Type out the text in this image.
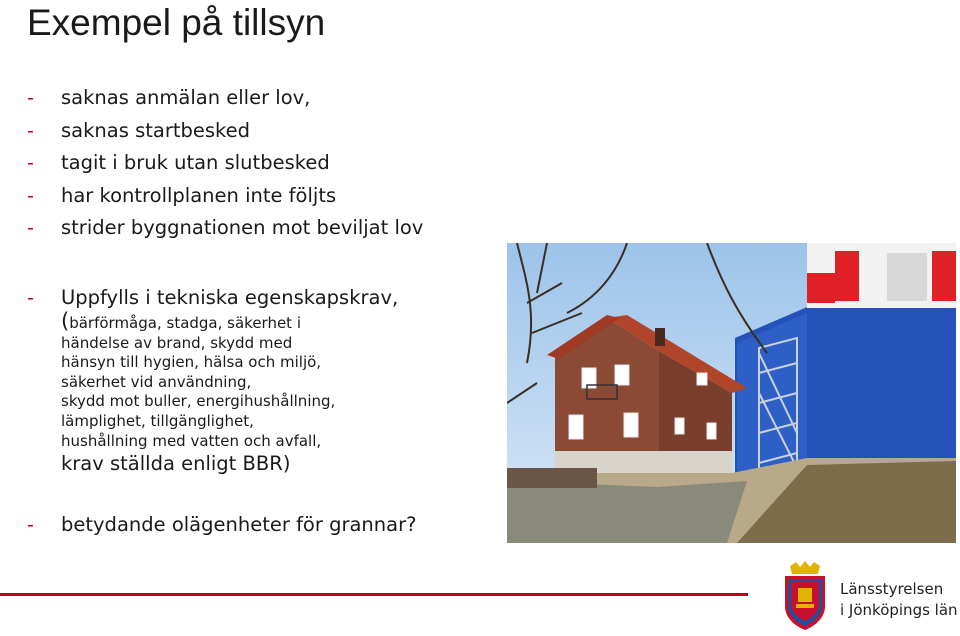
Exempel på tillsyn
- saknas anmälan eller lov,
- saknas startbesked
- tagit i bruk utan slutbesked
- har kontrollplanen inte följts
- strider byggnationen mot beviljat lov
- Uppfylls i tekniska egenskapskrav,
(bärförmåga, stadga, säkerhet i
händelse av brand, skydd med
hänsyn till hygien, hälsa och miljö,
säkerhet vid användning,
skydd mot buller, energihushållning,
lämplighet, tillgänglighet,
hushållning med vatten och avfall,
krav ställda enligt BBR)
- betydande olägenheter för grannar?
Länsstyrelsen
i Jönköpings län
